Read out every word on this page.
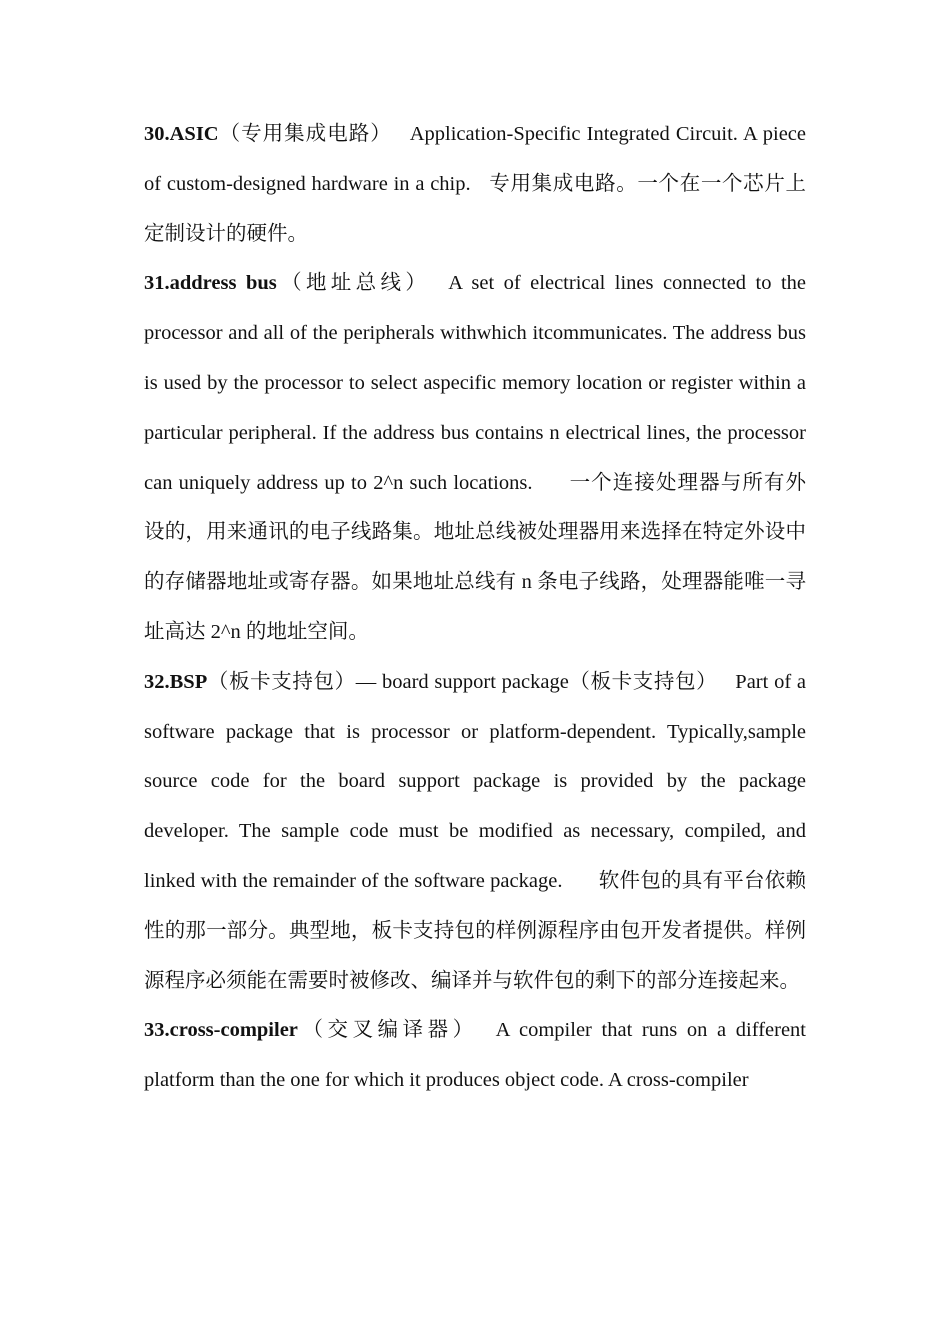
30.ASIC（专用集成电路） Application-Specific Integrated Circuit. A piece of custom-designed hardware in a chip. 专用集成电路。一个在一个芯片上定制设计的硬件。

31.address bus（地址总线） A set of electrical lines connected to the processor and all of the peripherals withwhich itcommunicates. The address bus is used by the processor to select aspecific memory location or register within a particular peripheral. If the address bus contains n electrical lines, the processor can uniquely address up to 2^n such locations. 一个连接处理器与所有外设的，用来通讯的电子线路集。地址总线被处理器用来选择在特定外设中的存储器地址或寄存器。如果地址总线有 n 条电子线路，处理器能唯一寻址高达 2^n 的地址空间。

32.BSP（板卡支持包）— board support package（板卡支持包） Part of a software package that is processor or platform-dependent. Typically,sample source code for the board support package is provided by the package developer. The sample code must be modified as necessary, compiled, and linked with the remainder of the software package. 软件包的具有平台依赖性的那一部分。典型地，板卡支持包的样例源程序由包开发者提供。样例源程序必须能在需要时被修改、编译并与软件包的剩下的部分连接起来。

33.cross-compiler（交叉编译器） A compiler that runs on a different platform than the one for which it produces object code. A cross-compiler
